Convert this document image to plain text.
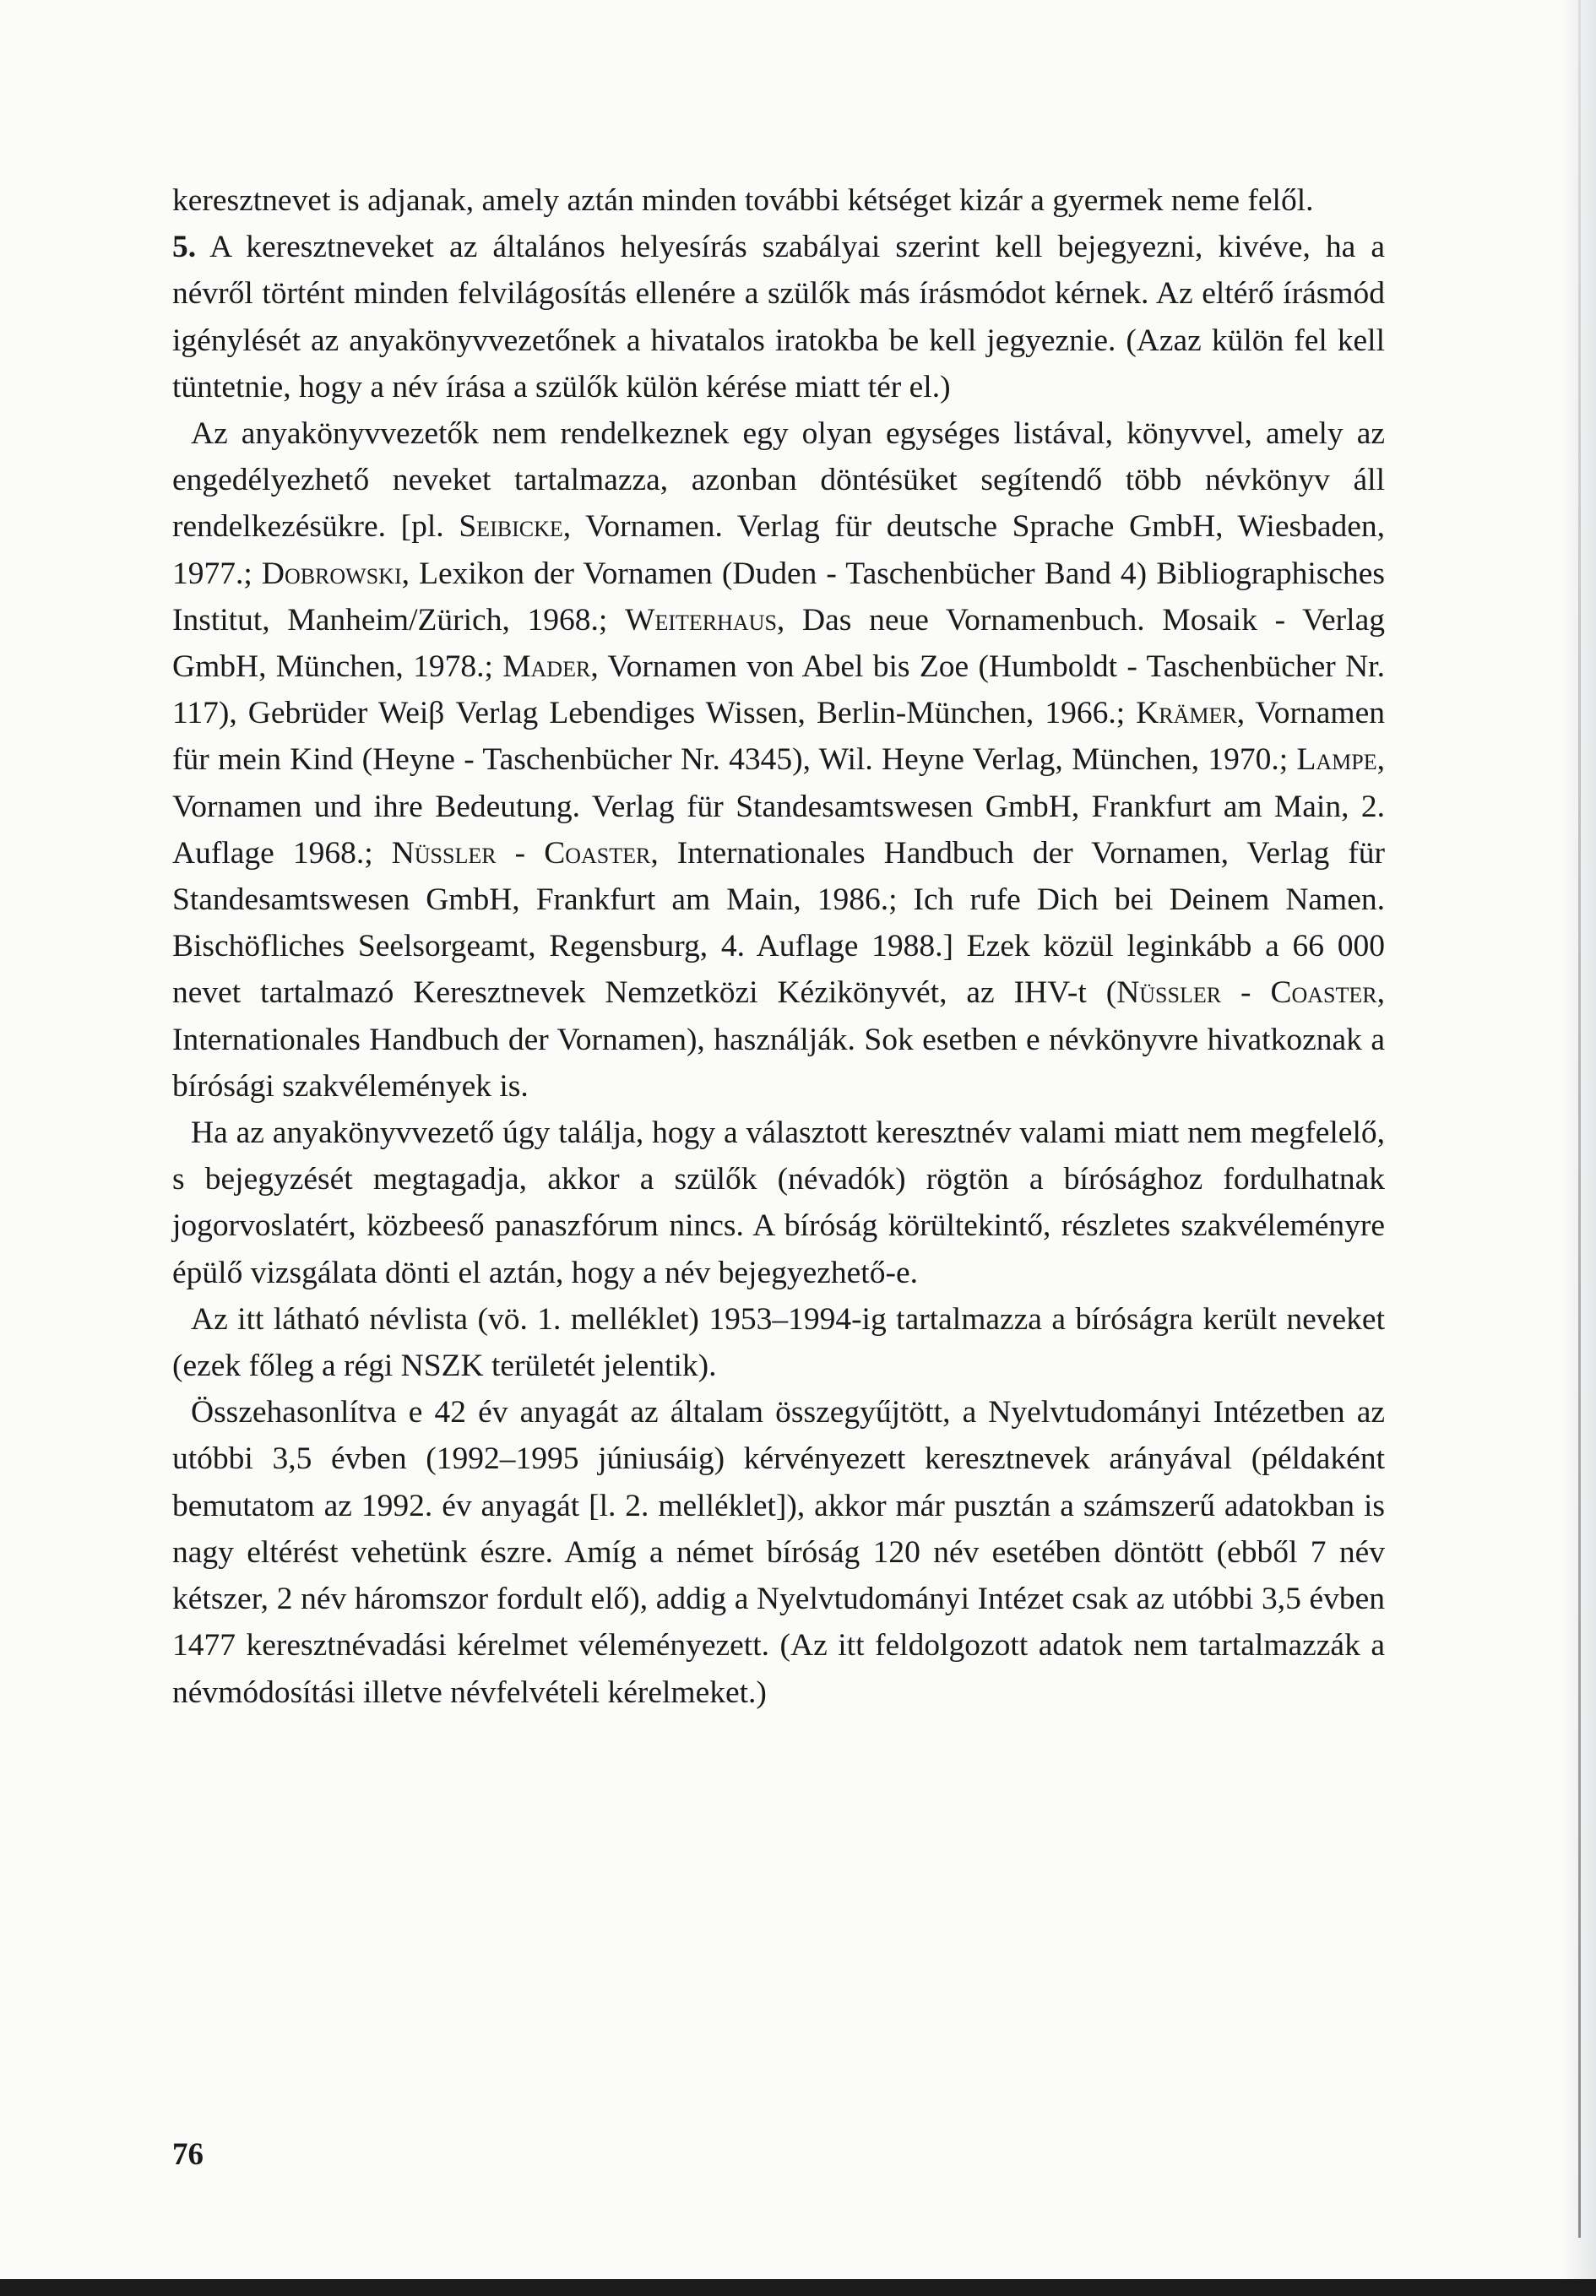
keresztnevet is adjanak, amely aztán minden további kétséget kizár a gyermek neme felől.

5. A keresztneveket az általános helyesírás szabályai szerint kell bejegyezni, kivéve, ha a névről történt minden felvilágosítás ellenére a szülők más írásmódot kérnek. Az eltérő írásmód igénylését az anyakönyvvezetőnek a hivatalos iratokba be kell jegyeznie. (Azaz külön fel kell tüntetnie, hogy a név írása a szülők külön kérése miatt tér el.)

Az anyakönyvvezetők nem rendelkeznek egy olyan egységes listával, könyvvel, amely az engedélyezhető neveket tartalmazza, azonban döntésüket segítendő több névkönyv áll rendelkezésükre. [pl. Seibicke, Vornamen. Verlag für deutsche Sprache GmbH, Wiesbaden, 1977.; Dobrowski, Lexikon der Vornamen (Duden - Taschenbücher Band 4) Bibliographisches Institut, Manheim/Zürich, 1968.; Weiterhaus, Das neue Vornamenbuch. Mosaik - Verlag GmbH, München, 1978.; Mader, Vornamen von Abel bis Zoe (Humboldt - Taschenbücher Nr. 117), Gebrüder Weiβ Verlag Lebendiges Wissen, Berlin-München, 1966.; Krämer, Vornamen für mein Kind (Heyne - Taschenbücher Nr. 4345), Wil. Heyne Verlag, München, 1970.; Lampe, Vornamen und ihre Bedeutung. Verlag für Standesamtswesen GmbH, Frankfurt am Main, 2. Auflage 1968.; Nüssler - Coaster, Internationales Handbuch der Vornamen, Verlag für Standesamtswesen GmbH, Frankfurt am Main, 1986.; Ich rufe Dich bei Deinem Namen. Bischöfliches Seelsorgeamt, Regensburg, 4. Auflage 1988.] Ezek közül leginkább a 66 000 nevet tartalmazó Keresztnevek Nemzetközi Kézikönyvét, az IHV-t (Nüssler - Coaster, Internationales Handbuch der Vornamen), használják. Sok esetben e névkönyvre hivatkoznak a bírósági szakvélemények is.

Ha az anyakönyvvezető úgy találja, hogy a választott keresztnév valami miatt nem megfelelő, s bejegyzését megtagadja, akkor a szülők (névadók) rögtön a bírósághoz fordulhatnak jogorvoslatért, közbeeső panaszfórum nincs. A bíróság körültekintő, részletes szakvéleményre épülő vizsgálata dönti el aztán, hogy a név bejegyezhető-e.

Az itt látható névlista (vö. 1. melléklet) 1953–1994-ig tartalmazza a bíróságra került neveket (ezek főleg a régi NSZK területét jelentik).

Összehasonlítva e 42 év anyagát az általam összegyűjtött, a Nyelvtudományi Intézetben az utóbbi 3,5 évben (1992–1995 júniusáig) kérvényezett keresztnevek arányával (példaként bemutatom az 1992. év anyagát [l. 2. melléklet]), akkor már pusztán a számszerű adatokban is nagy eltérést vehetünk észre. Amíg a német bíróság 120 név esetében döntött (ebből 7 név kétszer, 2 név háromszor fordult elő), addig a Nyelvtudományi Intézet csak az utóbbi 3,5 évben 1477 keresztnévadási kérelmet véleményezett. (Az itt feldolgozott adatok nem tartalmazzák a névmódosítási illetve névfelvételi kérelmeket.)

76
